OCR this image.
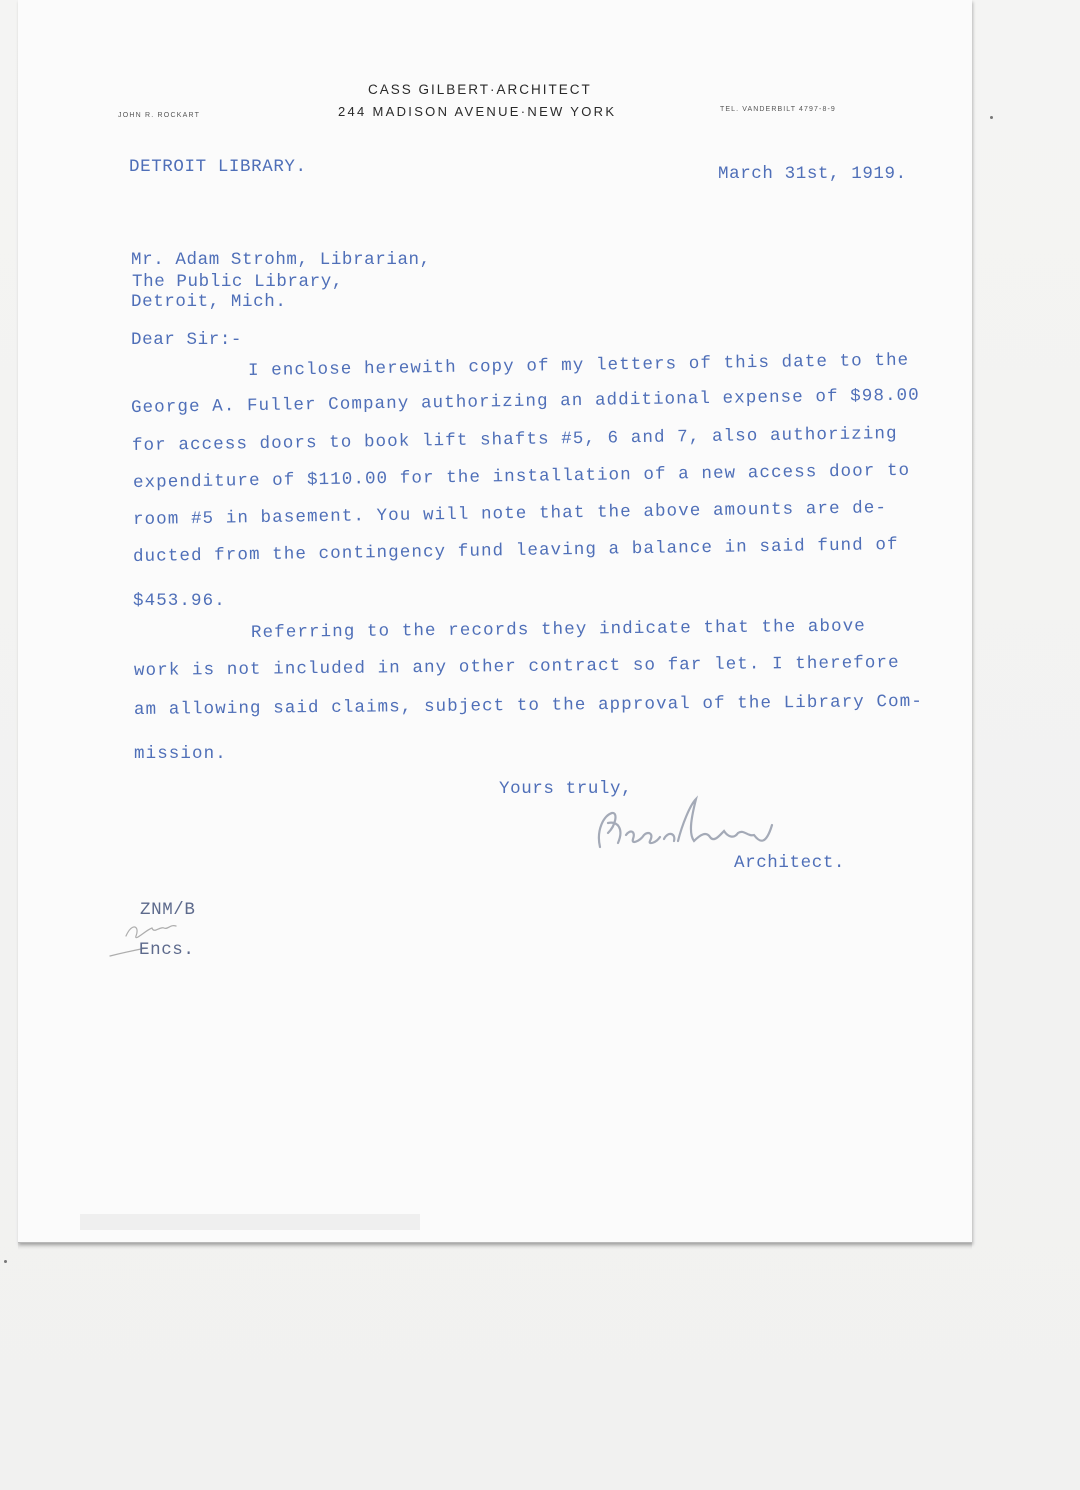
CASS GILBERT·ARCHITECT
244 MADISON AVENUE·NEW YORK
JOHN R. ROCKART
TEL. VANDERBILT 4797-8-9
DETROIT LIBRARY.	March 31st, 1919.
Mr. Adam Strohm, Librarian,
The Public Library,
Detroit, Mich.
Dear Sir:-
I enclose herewith copy of my letters of this date to the
George A. Fuller Company authorizing an additional expense of $98.00
for access doors to book lift shafts #5, 6 and 7, also authorizing
expenditure of $110.00 for the installation of a new access door to
room #5 in basement. You will note that the above amounts are de-
ducted from the contingency fund leaving a balance in said fund of
$453.96.
Referring to the records they indicate that the above
work is not included in any other contract so far let. I therefore
am allowing said claims, subject to the approval of the Library Com-
mission.
Yours truly,
Architect.
ZNM/B
Encs.
